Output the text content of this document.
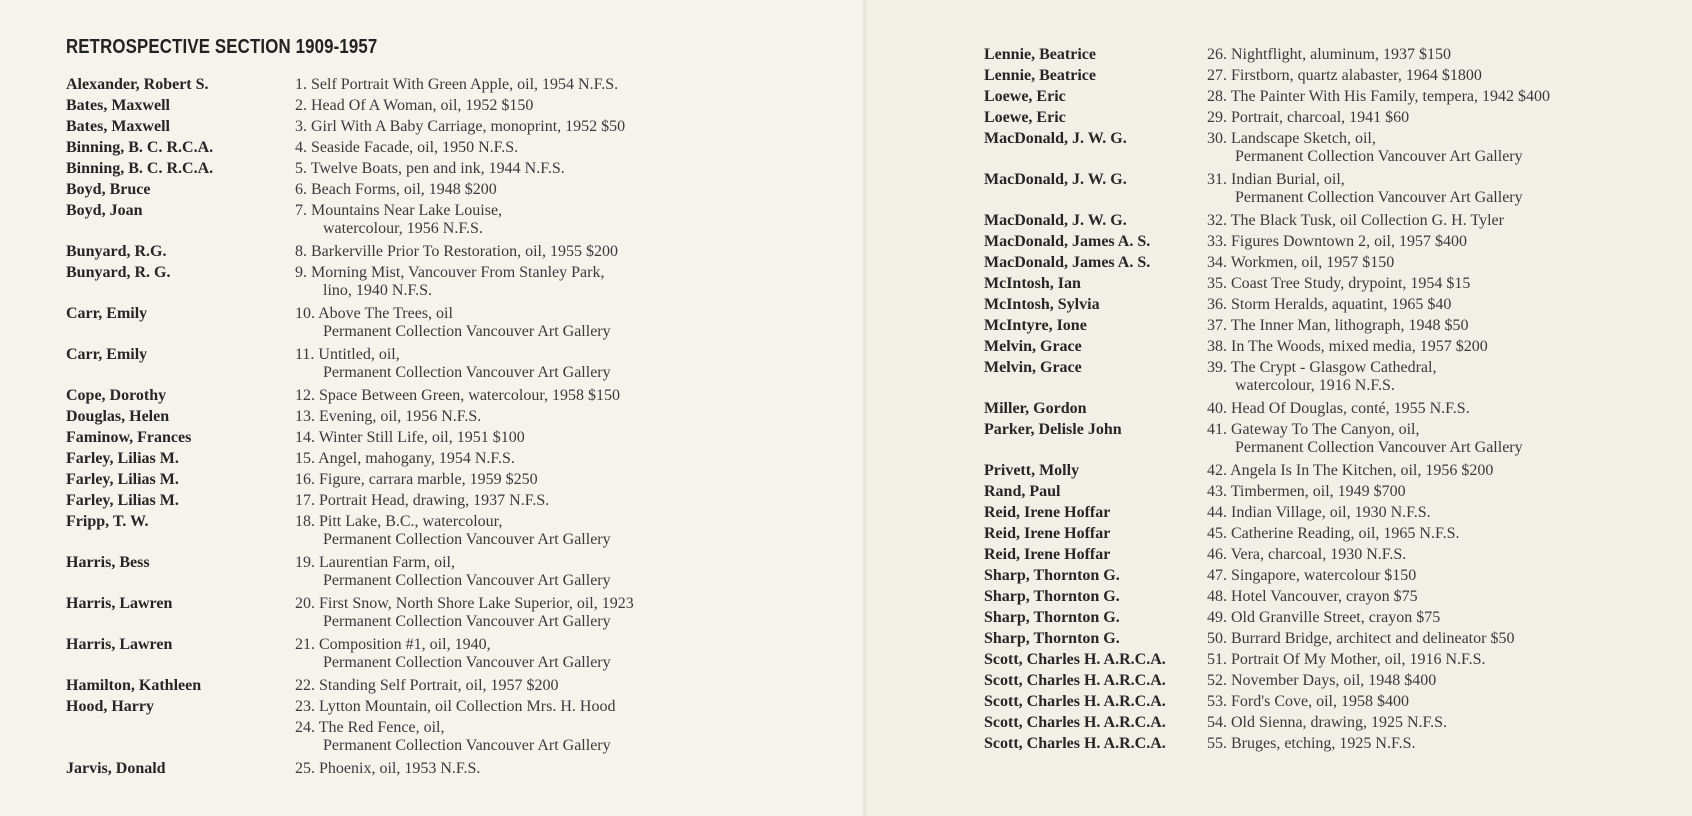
RETROSPECTIVE SECTION 1909-1957
Alexander, Robert S.	1. Self Portrait With Green Apple, oil, 1954 N.F.S.
Bates, Maxwell	2. Head Of A Woman, oil, 1952 $150
Bates, Maxwell	3. Girl With A Baby Carriage, monoprint, 1952 $50
Binning, B. C. R.C.A.	4. Seaside Facade, oil, 1950 N.F.S.
Binning, B. C. R.C.A.	5. Twelve Boats, pen and ink, 1944 N.F.S.
Boyd, Bruce	6. Beach Forms, oil, 1948 $200
Boyd, Joan	7. Mountains Near Lake Louise,
watercolour, 1956 N.F.S.
Bunyard, R.G.	8. Barkerville Prior To Restoration, oil, 1955 $200
Bunyard, R. G.	9. Morning Mist, Vancouver From Stanley Park,
lino, 1940 N.F.S.
Carr, Emily	10. Above The Trees, oil
Permanent Collection Vancouver Art Gallery
Carr, Emily	11. Untitled, oil,
Permanent Collection Vancouver Art Gallery
Cope, Dorothy	12. Space Between Green, watercolour, 1958 $150
Douglas, Helen	13. Evening, oil, 1956 N.F.S.
Faminow, Frances	14. Winter Still Life, oil, 1951 $100
Farley, Lilias M.	15. Angel, mahogany, 1954 N.F.S.
Farley, Lilias M.	16. Figure, carrara marble, 1959 $250
Farley, Lilias M.	17. Portrait Head, drawing, 1937 N.F.S.
Fripp, T. W.	18. Pitt Lake, B.C., watercolour,
Permanent Collection Vancouver Art Gallery
Harris, Bess	19. Laurentian Farm, oil,
Permanent Collection Vancouver Art Gallery
Harris, Lawren	20. First Snow, North Shore Lake Superior, oil, 1923
Permanent Collection Vancouver Art Gallery
Harris, Lawren	21. Composition #1, oil, 1940,
Permanent Collection Vancouver Art Gallery
Hamilton, Kathleen	22. Standing Self Portrait, oil, 1957 $200
Hood, Harry	23. Lytton Mountain, oil Collection Mrs. H. Hood
24. The Red Fence, oil,
Permanent Collection Vancouver Art Gallery
Jarvis, Donald	25. Phoenix, oil, 1953 N.F.S.
Lennie, Beatrice	26. Nightflight, aluminum, 1937 $150
Lennie, Beatrice	27. Firstborn, quartz alabaster, 1964 $1800
Loewe, Eric	28. The Painter With His Family, tempera, 1942 $400
Loewe, Eric	29. Portrait, charcoal, 1941 $60
MacDonald, J. W. G.	30. Landscape Sketch, oil,
Permanent Collection Vancouver Art Gallery
MacDonald, J. W. G.	31. Indian Burial, oil,
Permanent Collection Vancouver Art Gallery
MacDonald, J. W. G.	32. The Black Tusk, oil Collection G. H. Tyler
MacDonald, James A. S.	33. Figures Downtown 2, oil, 1957 $400
MacDonald, James A. S.	34. Workmen, oil, 1957 $150
McIntosh, Ian	35. Coast Tree Study, drypoint, 1954 $15
McIntosh, Sylvia	36. Storm Heralds, aquatint, 1965 $40
McIntyre, Ione	37. The Inner Man, lithograph, 1948 $50
Melvin, Grace	38. In The Woods, mixed media, 1957 $200
Melvin, Grace	39. The Crypt - Glasgow Cathedral,
watercolour, 1916 N.F.S.
Miller, Gordon	40. Head Of Douglas, conté, 1955 N.F.S.
Parker, Delisle John	41. Gateway To The Canyon, oil,
Permanent Collection Vancouver Art Gallery
Privett, Molly	42. Angela Is In The Kitchen, oil, 1956 $200
Rand, Paul	43. Timbermen, oil, 1949 $700
Reid, Irene Hoffar	44. Indian Village, oil, 1930 N.F.S.
Reid, Irene Hoffar	45. Catherine Reading, oil, 1965 N.F.S.
Reid, Irene Hoffar	46. Vera, charcoal, 1930 N.F.S.
Sharp, Thornton G.	47. Singapore, watercolour $150
Sharp, Thornton G.	48. Hotel Vancouver, crayon $75
Sharp, Thornton G.	49. Old Granville Street, crayon $75
Sharp, Thornton G.	50. Burrard Bridge, architect and delineator $50
Scott, Charles H. A.R.C.A.	51. Portrait Of My Mother, oil, 1916 N.F.S.
Scott, Charles H. A.R.C.A.	52. November Days, oil, 1948 $400
Scott, Charles H. A.R.C.A.	53. Ford's Cove, oil, 1958 $400
Scott, Charles H. A.R.C.A.	54. Old Sienna, drawing, 1925 N.F.S.
Scott, Charles H. A.R.C.A.	55. Bruges, etching, 1925 N.F.S.
